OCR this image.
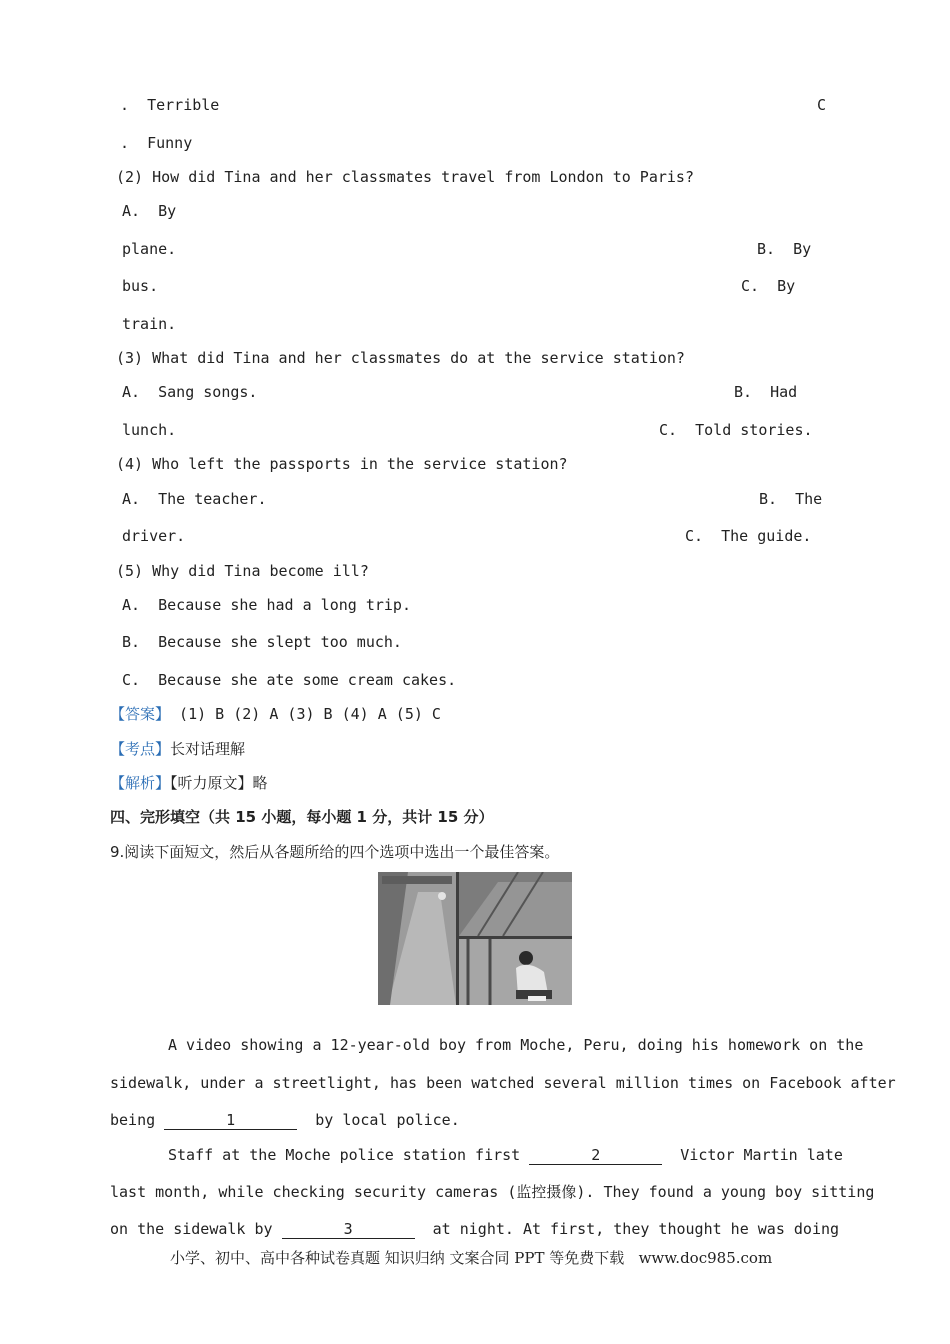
.  Terrible	C
.  Funny
(2) How did Tina and her classmates travel from London to Paris?
A.  By
plane.	B.  By
bus.	C.  By
train.
(3) What did Tina and her classmates do at the service station?
A.  Sang songs.	B.  Had
lunch.	C.  Told stories.
(4) Who left the passports in the service station?
A.  The teacher.	B.  The
driver.	C.  The guide.
(5) Why did Tina become ill?
A.  Because she had a long trip.
B.  Because she slept too much.
C.  Because she ate some cream cakes.
【答案】 (1) B (2) A (3) B (4) A (5) C
【考点】长对话理解
【解析】【听力原文】略
四、完形填空（共 15 小题，每小题 1 分，共计 15 分）
9.阅读下面短文，然后从各题所给的四个选项中选出一个最佳答案。
A video showing a 12-year-old boy from Moche, Peru, doing his homework on the
sidewalk, under a streetlight, has been watched several million times on Facebook after
being	1	by local police.
Staff at the Moche police station first	2	Victor Martin late
last month, while checking security cameras (监控摄像). They found a young boy sitting
on the sidewalk by	3	at night. At first, they thought he was doing
小学、初中、高中各种试卷真题 知识归纳 文案合同 PPT 等免费下载   www.doc985.com
